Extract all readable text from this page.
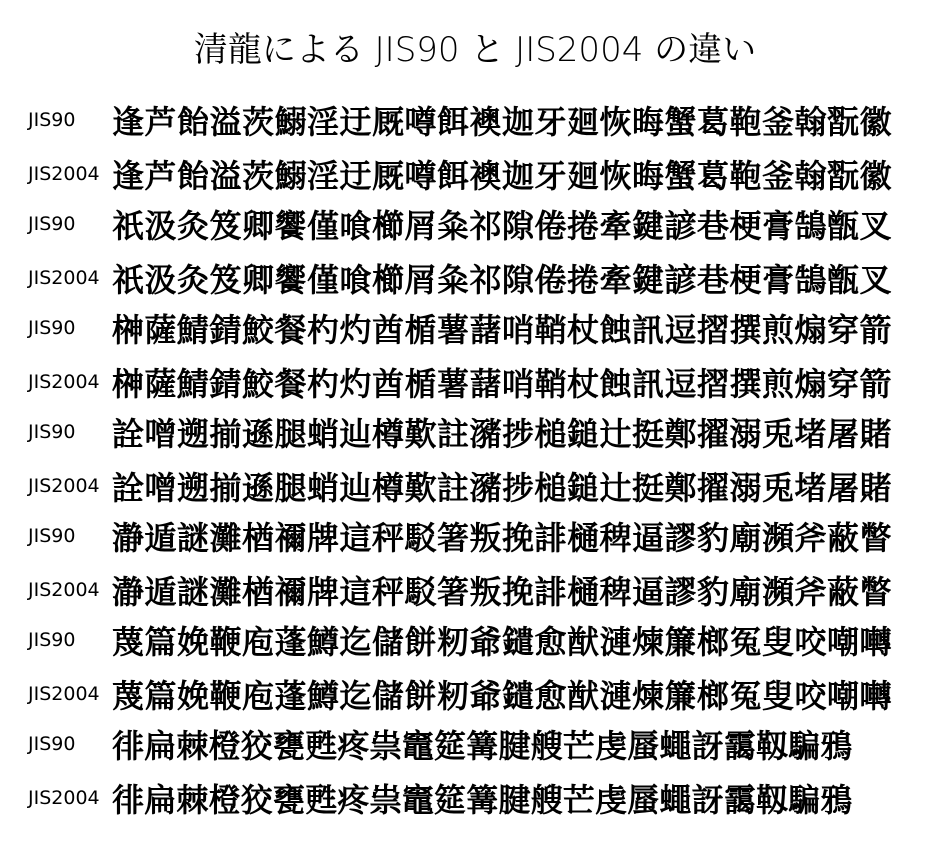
清龍による JIS90 と JIS2004 の違い
JIS90	逢芦飴溢茨鰯淫迂厩噂餌襖迦牙廻恢晦蟹葛鞄釜翰翫徽
JIS2004 逢芦飴溢茨鰯淫迂厩噂餌襖迦牙廻恢晦蟹葛鞄釜翰翫徽
JIS90	祇汲灸笈卿饗僅喰櫛屑粂祁隙倦捲牽鍵諺巷梗膏鵠甑叉
JIS2004 祇汲灸笈卿饗僅喰櫛屑粂祁隙倦捲牽鍵諺巷梗膏鵠甑叉
JIS90	榊薩鯖錆鮫餐杓灼酋楯薯藷哨鞘杖蝕訊逗摺撰煎煽穿箭
JIS2004 榊薩鯖錆鮫餐杓灼酋楯薯藷哨鞘杖蝕訊逗摺撰煎煽穿箭
JIS90	詮噌遡揃遜腿蛸辿樽歎註瀦捗槌鎚辻挺鄭擢溺兎堵屠賭
JIS2004 詮噌遡揃遜腿蛸辿樽歎註瀦捗槌鎚辻挺鄭擢溺兎堵屠賭
JIS90	瀞遁謎灘楢禰牌這秤駁箸叛挽誹樋稗逼謬豹廟瀕斧蔽瞥
JIS2004 瀞遁謎灘楢禰牌這秤駁箸叛挽誹樋稗逼謬豹廟瀕斧蔽瞥
JIS90	蔑篇娩鞭庖蓬鱒迄儲餅籾爺鑓愈猷漣煉簾榔冤叟咬嘲囀
JIS2004 蔑篇娩鞭庖蓬鱒迄儲餅籾爺鑓愈猷漣煉簾榔冤叟咬嘲囀
JIS90	徘扁棘橙狡甕甦疼祟竈筵篝腱艘芒虔蜃蠅訝靄靱騙鴉
JIS2004 徘扁棘橙狡甕甦疼祟竈筵篝腱艘芒虔蜃蠅訝靄靱騙鴉
